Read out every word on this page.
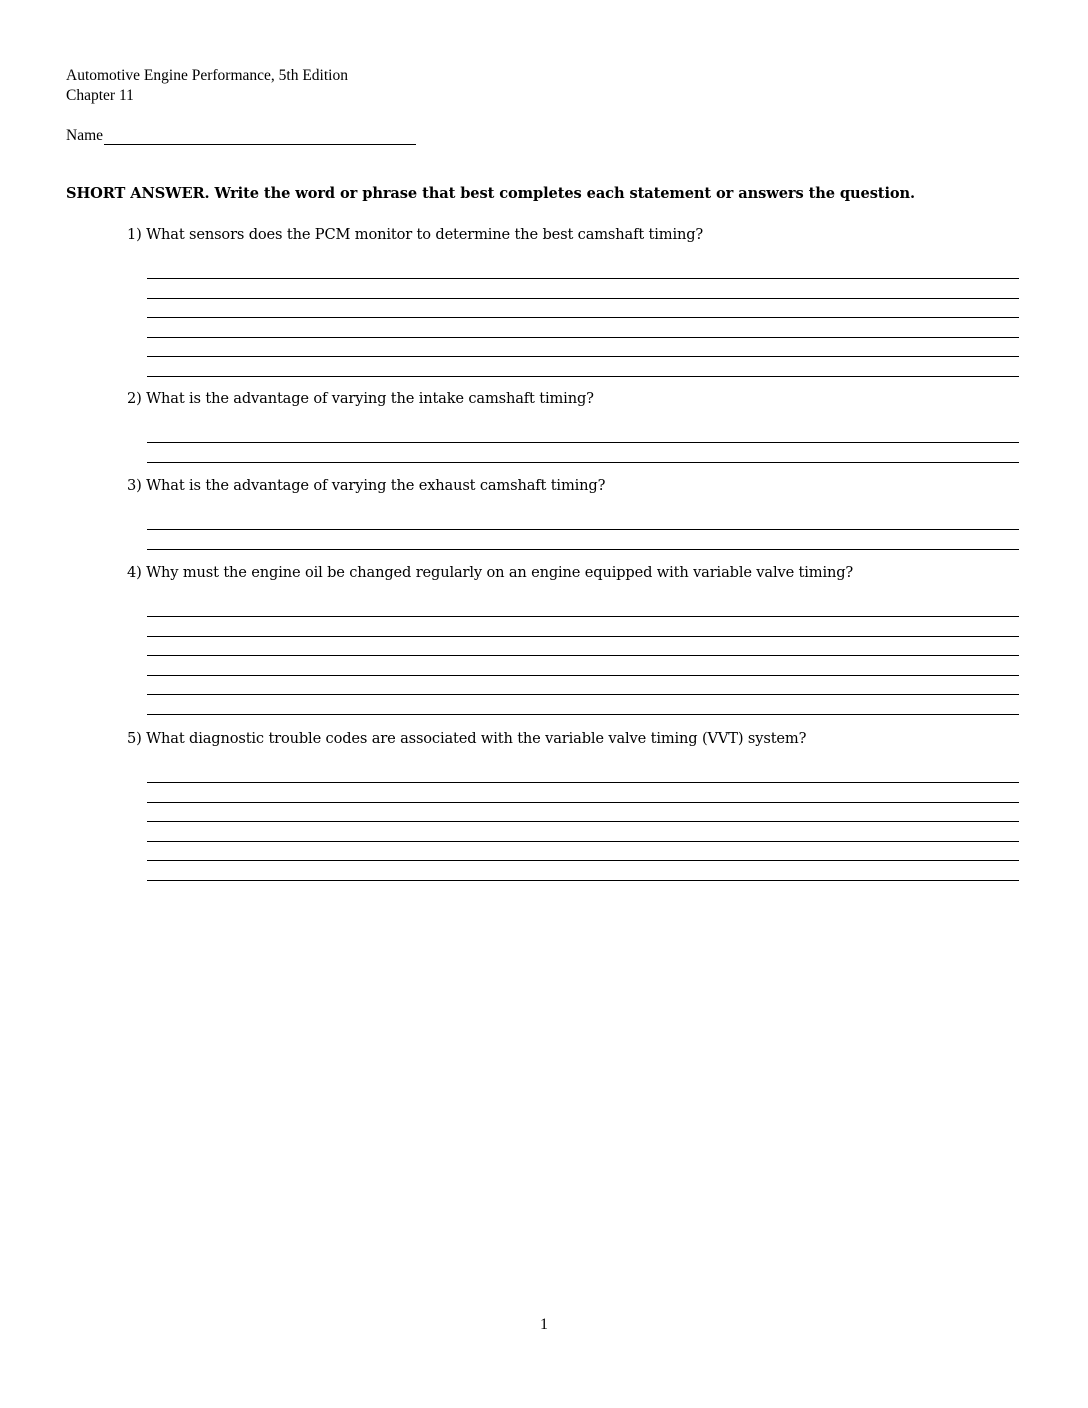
Automotive Engine Performance, 5th Edition
Chapter 11
Name
SHORT ANSWER. Write the word or phrase that best completes each statement or answers the question.
1) What sensors does the PCM monitor to determine the best camshaft timing?
2) What is the advantage of varying the intake camshaft timing?
3) What is the advantage of varying the exhaust camshaft timing?
4) Why must the engine oil be changed regularly on an engine equipped with variable valve timing?
5) What diagnostic trouble codes are associated with the variable valve timing (VVT) system?
1
